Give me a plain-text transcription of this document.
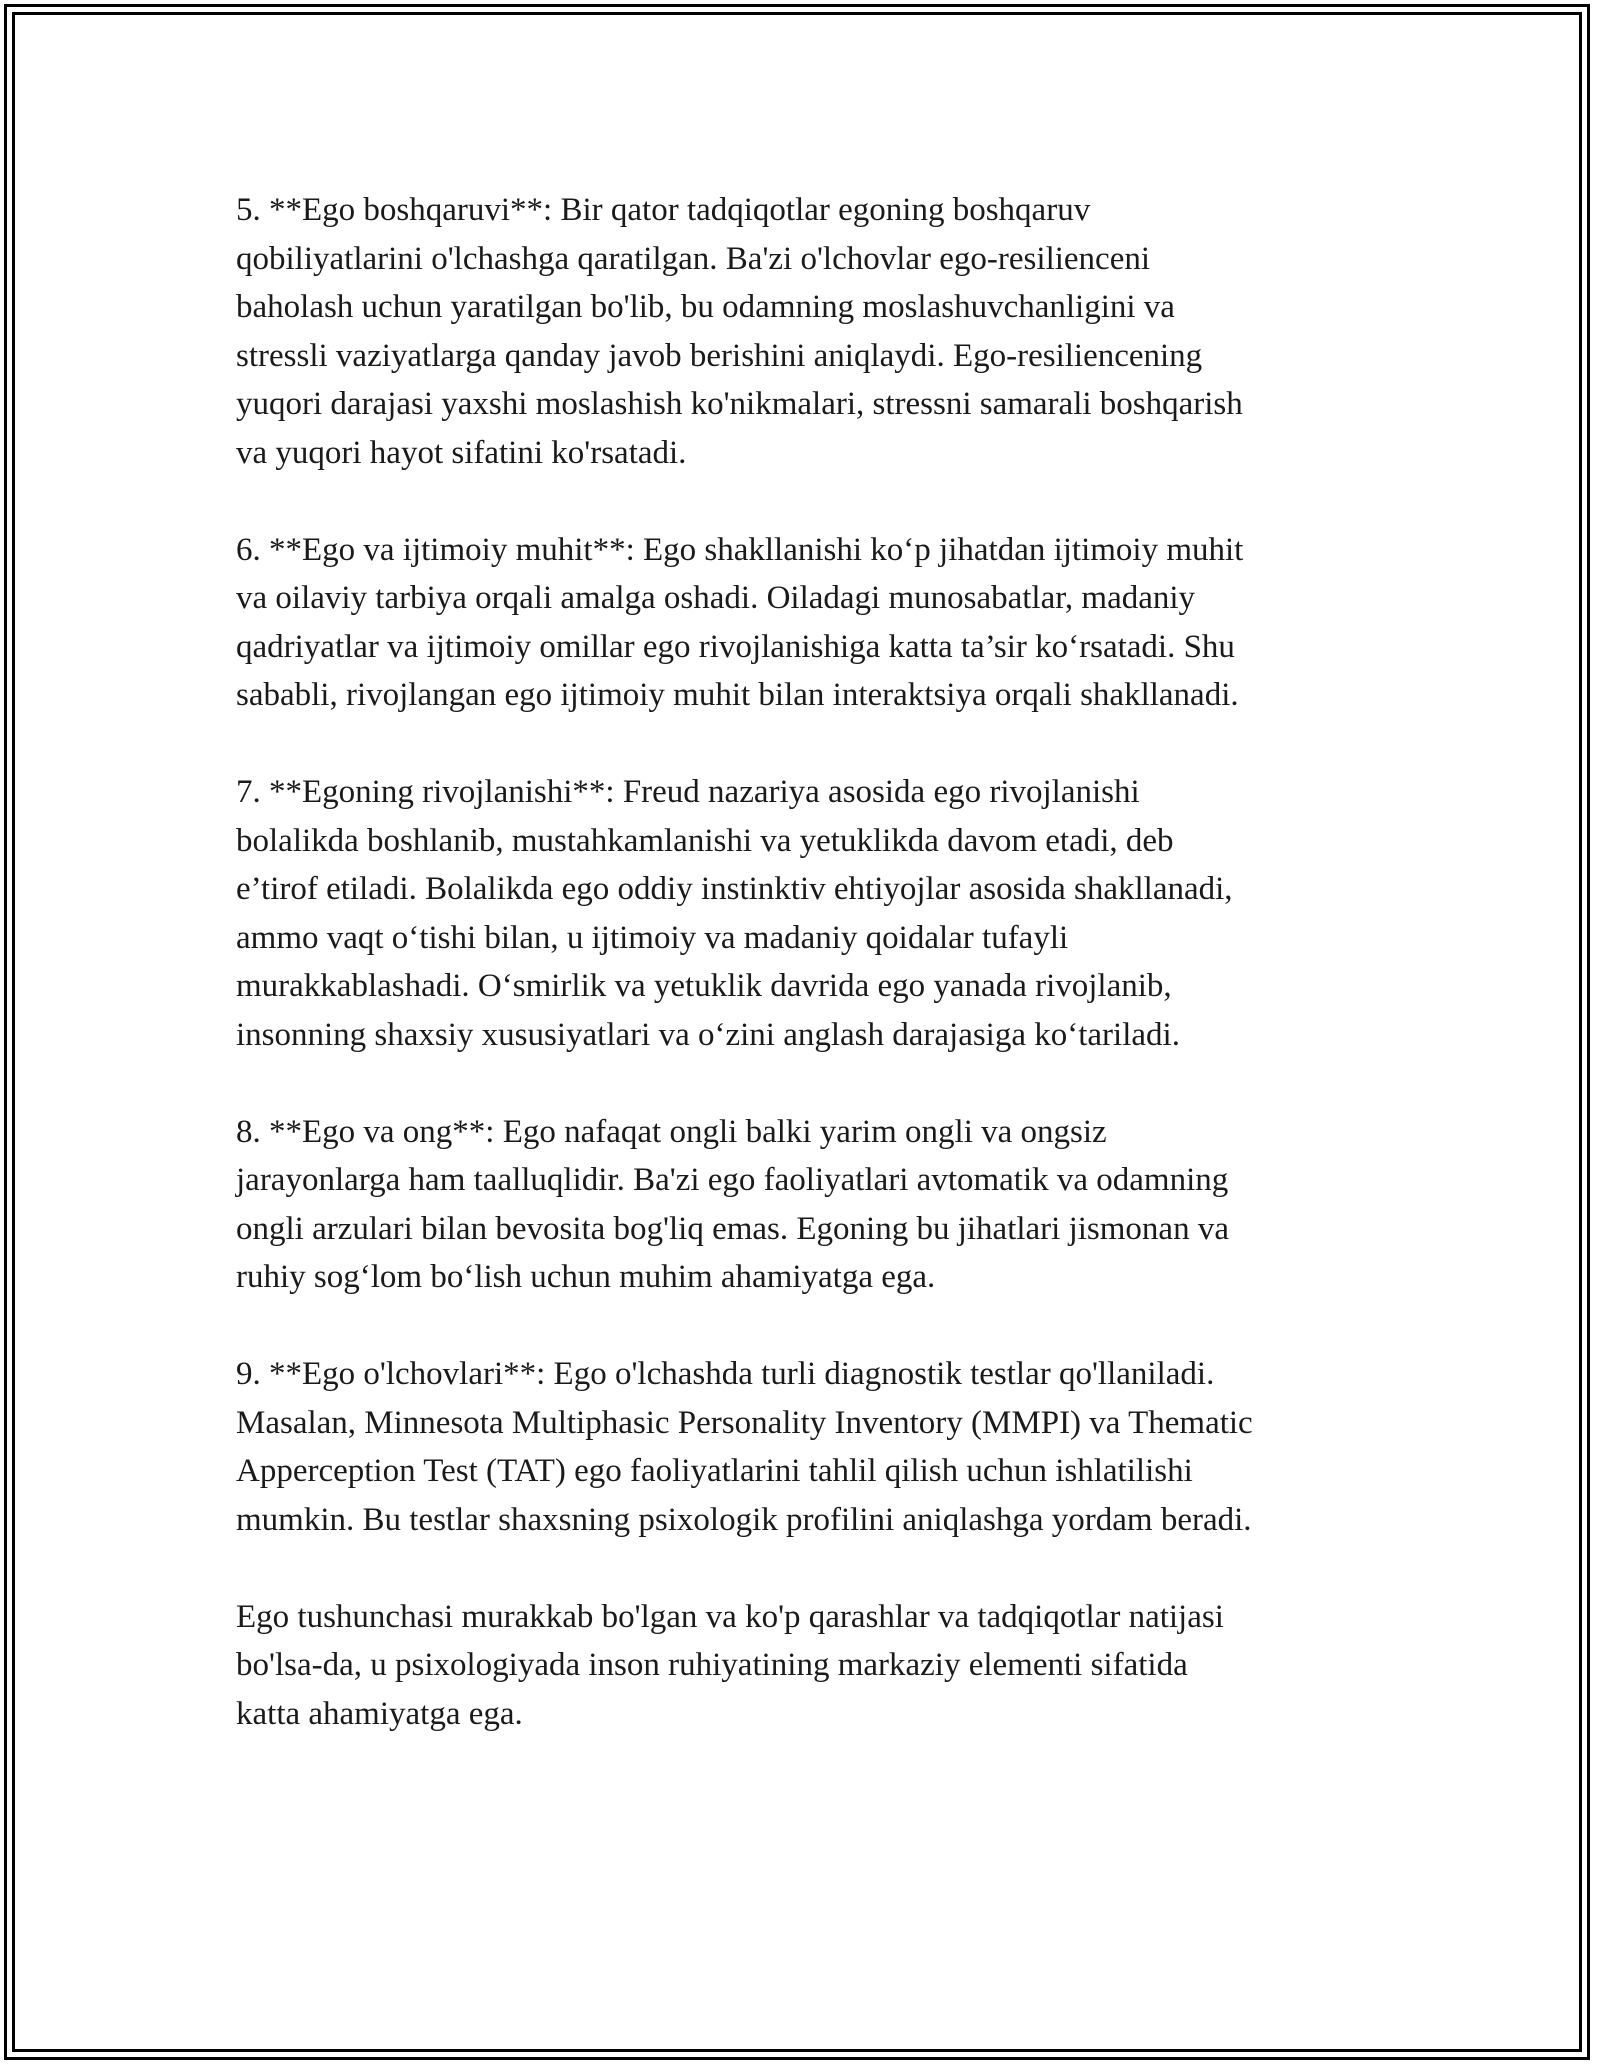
5. **Ego boshqaruvi**: Bir qator tadqiqotlar egoning boshqaruv
qobiliyatlarini o'lchashga qaratilgan. Ba'zi o'lchovlar ego-resilienceni
baholash uchun yaratilgan bo'lib, bu odamning moslashuvchanligini va
stressli vaziyatlarga qanday javob berishini aniqlaydi. Ego-resiliencening
yuqori darajasi yaxshi moslashish ko'nikmalari, stressni samarali boshqarish
va yuqori hayot sifatini ko'rsatadi.

6. **Ego va ijtimoiy muhit**: Ego shakllanishi ko‘p jihatdan ijtimoiy muhit
va oilaviy tarbiya orqali amalga oshadi. Oiladagi munosabatlar, madaniy
qadriyatlar va ijtimoiy omillar ego rivojlanishiga katta ta’sir ko‘rsatadi. Shu
sababli, rivojlangan ego ijtimoiy muhit bilan interaktsiya orqali shakllanadi.

7. **Egoning rivojlanishi**: Freud nazariya asosida ego rivojlanishi
bolalikda boshlanib, mustahkamlanishi va yetuklikda davom etadi, deb
e’tirof etiladi. Bolalikda ego oddiy instinktiv ehtiyojlar asosida shakllanadi,
ammo vaqt o‘tishi bilan, u ijtimoiy va madaniy qoidalar tufayli
murakkablashadi. O‘smirlik va yetuklik davrida ego yanada rivojlanib,
insonning shaxsiy xususiyatlari va o‘zini anglash darajasiga ko‘tariladi.

8. **Ego va ong**: Ego nafaqat ongli balki yarim ongli va ongsiz
jarayonlarga ham taalluqlidir. Ba'zi ego faoliyatlari avtomatik va odamning
ongli arzulari bilan bevosita bog'liq emas. Egoning bu jihatlari jismonan va
ruhiy sog‘lom bo‘lish uchun muhim ahamiyatga ega.

9. **Ego o'lchovlari**: Ego o'lchashda turli diagnostik testlar qo'llaniladi.
Masalan, Minnesota Multiphasic Personality Inventory (MMPI) va Thematic
Apperception Test (TAT) ego faoliyatlarini tahlil qilish uchun ishlatilishi
mumkin. Bu testlar shaxsning psixologik profilini aniqlashga yordam beradi.

Ego tushunchasi murakkab bo'lgan va ko'p qarashlar va tadqiqotlar natijasi
bo'lsa-da, u psixologiyada inson ruhiyatining markaziy elementi sifatida
katta ahamiyatga ega.
